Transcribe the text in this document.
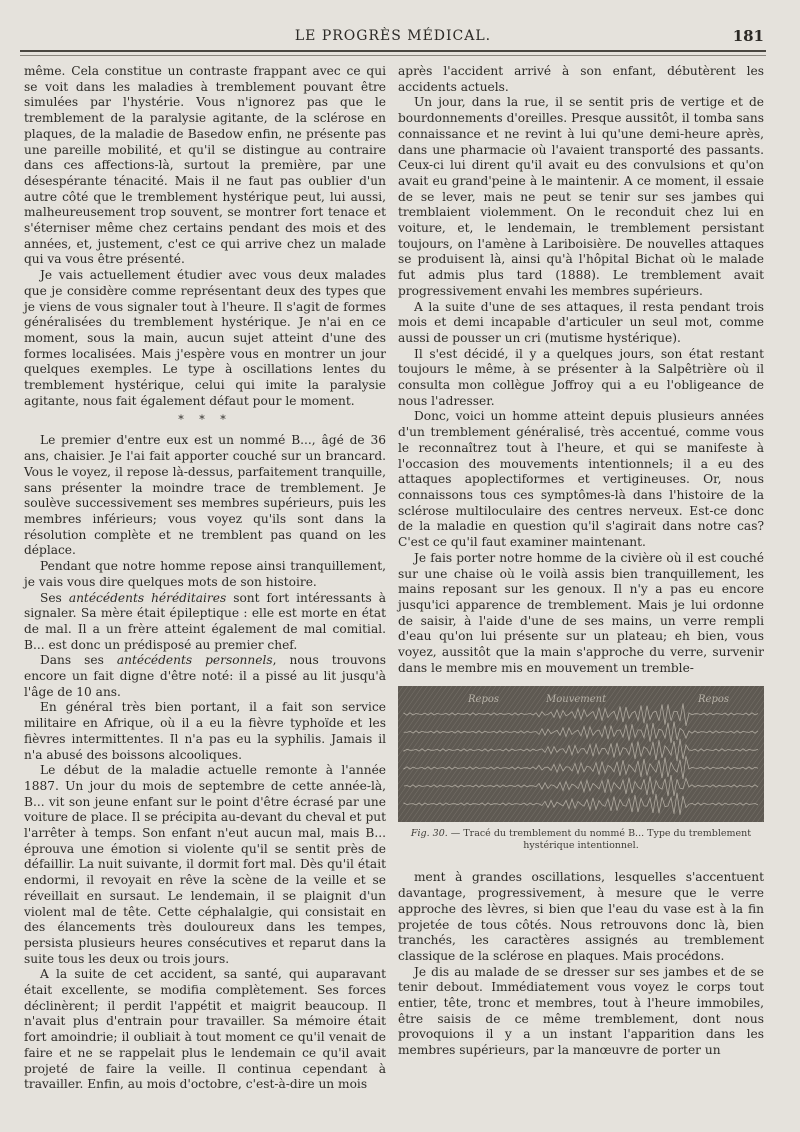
LE PROGRÈS MÉDICAL.	181

même. Cela constitue un contraste frappant avec ce qui se voit dans les maladies à tremblement pouvant être simulées par l'hystérie. Vous n'ignorez pas que le tremblement de la paralysie agitante, de la sclérose en plaques, de la maladie de Basedow enfin, ne présente pas une pareille mobilité, et qu'il se distingue au contraire dans ces affections-là, surtout la première, par une désespérante ténacité. Mais il ne faut pas oublier d'un autre côté que le tremblement hystérique peut, lui aussi, malheureusement trop souvent, se montrer fort tenace et s'éterniser même chez certains pendant des mois et des années, et, justement, c'est ce qui arrive chez un malade qui va vous être présenté.

Je vais actuellement étudier avec vous deux malades que je considère comme représentant deux des types que je viens de vous signaler tout à l'heure. Il s'agit de formes généralisées du tremblement hystérique. Je n'ai en ce moment, sous la main, aucun sujet atteint d'une des formes localisées. Mais j'espère vous en montrer un jour quelques exemples. Le type à oscillations lentes du tremblement hystérique, celui qui imite la paralysie agitante, nous fait également défaut pour le moment.

* * *

Le premier d'entre eux est un nommé B..., âgé de 36 ans, chaisier. Je l'ai fait apporter couché sur un brancard. Vous le voyez, il repose là-dessus, parfaitement tranquille, sans présenter la moindre trace de tremblement. Je soulève successivement ses membres supérieurs, puis les membres inférieurs; vous voyez qu'ils sont dans la résolution complète et ne tremblent pas quand on les déplace.

Pendant que notre homme repose ainsi tranquillement, je vais vous dire quelques mots de son histoire.

Ses antécédents héréditaires sont fort intéressants à signaler. Sa mère était épileptique : elle est morte en état de mal. Il a un frère atteint également de mal comitial. B... est donc un prédisposé au premier chef.

Dans ses antécédents personnels, nous trouvons encore un fait digne d'être noté: il a pissé au lit jusqu'à l'âge de 10 ans.

En général très bien portant, il a fait son service militaire en Afrique, où il a eu la fièvre typhoïde et les fièvres intermittentes. Il n'a pas eu la syphilis. Jamais il n'a abusé des boissons alcooliques.

Le début de la maladie actuelle remonte à l'année 1887. Un jour du mois de septembre de cette année-là, B... vit son jeune enfant sur le point d'être écrasé par une voiture de place. Il se précipita au-devant du cheval et put l'arrêter à temps. Son enfant n'eut aucun mal, mais B... éprouva une émotion si violente qu'il se sentit près de défaillir. La nuit suivante, il dormit fort mal. Dès qu'il était endormi, il revoyait en rêve la scène de la veille et se réveillait en sursaut. Le lendemain, il se plaignit d'un violent mal de tête. Cette céphalalgie, qui consistait en des élancements très douloureux dans les tempes, persista plusieurs heures consécutives et reparut dans la suite tous les deux ou trois jours.

A la suite de cet accident, sa santé, qui auparavant était excellente, se modifia complètement. Ses forces déclinèrent; il perdit l'appétit et maigrit beaucoup. Il n'avait plus d'entrain pour travailler. Sa mémoire était fort amoindrie; il oubliait à tout moment ce qu'il venait de faire et ne se rappelait plus le lendemain ce qu'il avait projeté de faire la veille. Il continua cependant à travailler. Enfin, au mois d'octobre, c'est-à-dire un mois

après l'accident arrivé à son enfant, débutèrent les accidents actuels.

Un jour, dans la rue, il se sentit pris de vertige et de bourdonnements d'oreilles. Presque aussitôt, il tomba sans connaissance et ne revint à lui qu'une demi-heure après, dans une pharmacie où l'avaient transporté des passants. Ceux-ci lui dirent qu'il avait eu des convulsions et qu'on avait eu grand'peine à le maintenir. A ce moment, il essaie de se lever, mais ne peut se tenir sur ses jambes qui tremblaient violemment. On le reconduit chez lui en voiture, et, le lendemain, le tremblement persistant toujours, on l'amène à Lariboisière. De nouvelles attaques se produisent là, ainsi qu'à l'hôpital Bichat où le malade fut admis plus tard (1888). Le tremblement avait progressivement envahi les membres supérieurs.

A la suite d'une de ses attaques, il resta pendant trois mois et demi incapable d'articuler un seul mot, comme aussi de pousser un cri (mutisme hystérique).

Il s'est décidé, il y a quelques jours, son état restant toujours le même, à se présenter à la Salpêtrière où il consulta mon collègue Joffroy qui a eu l'obligeance de nous l'adresser.

Donc, voici un homme atteint depuis plusieurs années d'un tremblement généralisé, très accentué, comme vous le reconnaîtrez tout à l'heure, et qui se manifeste à l'occasion des mouvements intentionnels; il a eu des attaques apoplectiformes et vertigineuses. Or, nous connaissons tous ces symptômes-là dans l'histoire de la sclérose multiloculaire des centres nerveux. Est-ce donc de la maladie en question qu'il s'agirait dans notre cas? C'est ce qu'il faut examiner maintenant.

Je fais porter notre homme de la civière où il est couché sur une chaise où le voilà assis bien tranquillement, les mains reposant sur les genoux. Il n'y a pas eu encore jusqu'ici apparence de tremblement. Mais je lui ordonne de saisir, à l'aide d'une de ses mains, un verre rempli d'eau qu'on lui présente sur un plateau; eh bien, vous voyez, aussitôt que la main s'approche du verre, survenir dans le membre mis en mouvement un tremble-

Repos	Mouvement	Repos
Fig. 30. — Tracé du tremblement du nommé B... Type du tremblement hystérique intentionnel.

ment à grandes oscillations, lesquelles s'accentuent davantage, progressivement, à mesure que le verre approche des lèvres, si bien que l'eau du vase est à la fin projetée de tous côtés. Nous retrouvons donc là, bien tranchés, les caractères assignés au tremblement classique de la sclérose en plaques. Mais procédons.

Je dis au malade de se dresser sur ses jambes et de se tenir debout. Immédiatement vous voyez le corps tout entier, tête, tronc et membres, tout à l'heure immobiles, être saisis de ce même tremblement, dont nous provoquions il y a un instant l'apparition dans les membres supérieurs, par la manœuvre de porter un
